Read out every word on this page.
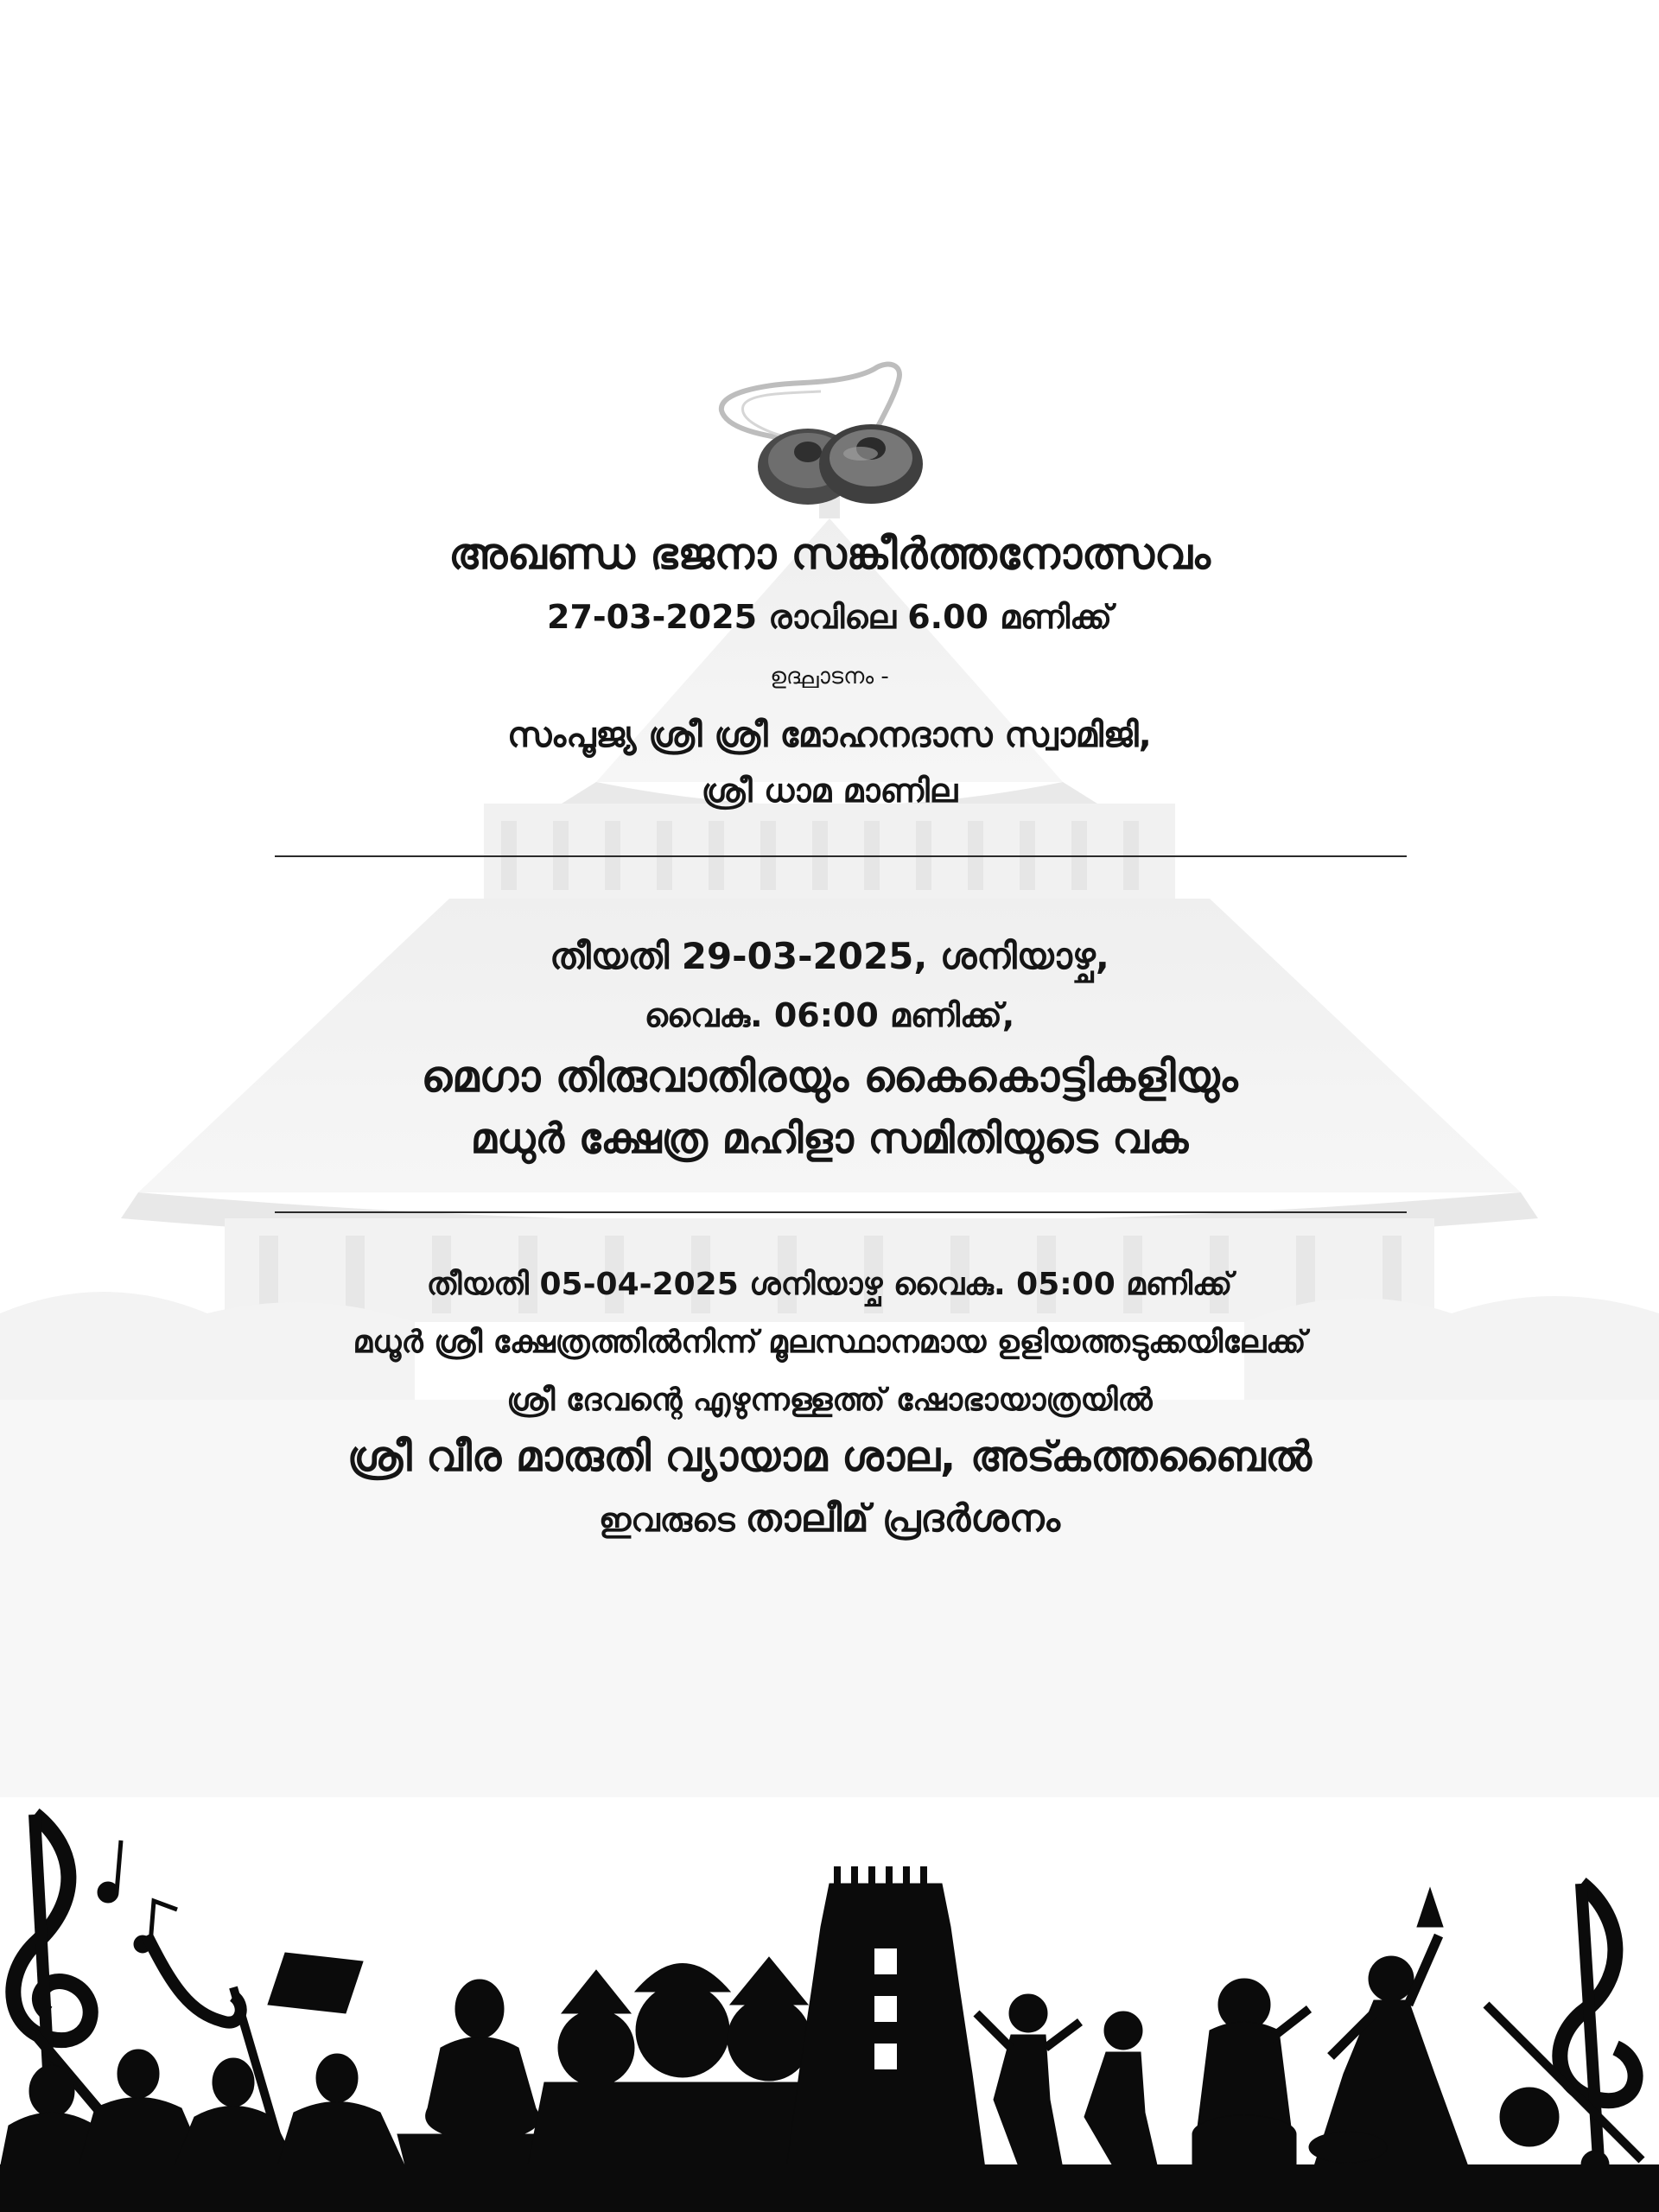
അഖണ്ഡ ഭജനാ സങ്കീർത്തനോത്സവം
27-03-2025 രാവിലെ 6.00 മണിക്ക്
ഉദ്ഘാടനം -
സംപൂജ്യ ശ്രീ ശ്രീ മോഹനദാസ സ്വാമിജി,
ശ്രീ ധാമ മാണില
തീയതി 29-03-2025, ശനിയാഴ്ച,
വൈകു. 06:00 മണിക്ക്,
മെഗാ തിരുവാതിരയും കൈകൊട്ടികളിയും
മധുർ ക്ഷേത്ര മഹിളാ സമിതിയുടെ വക
തീയതി 05-04-2025 ശനിയാഴ്ച വൈകു. 05:00 മണിക്ക്
മധൂർ ശ്രീ ക്ഷേത്രത്തിൽനിന്ന് മൂലസ്ഥാനമായ ഉളിയത്തടുക്കയിലേക്ക്
ശ്രീ ദേവന്റെ എഴുന്നള്ളത്ത് ഷോഭായാത്രയിൽ
ശ്രീ വീര മാരുതി വ്യായാമ ശാല, അട്കത്തബൈൽ
ഇവരുടെ താലീമ് പ്രദർശനം
